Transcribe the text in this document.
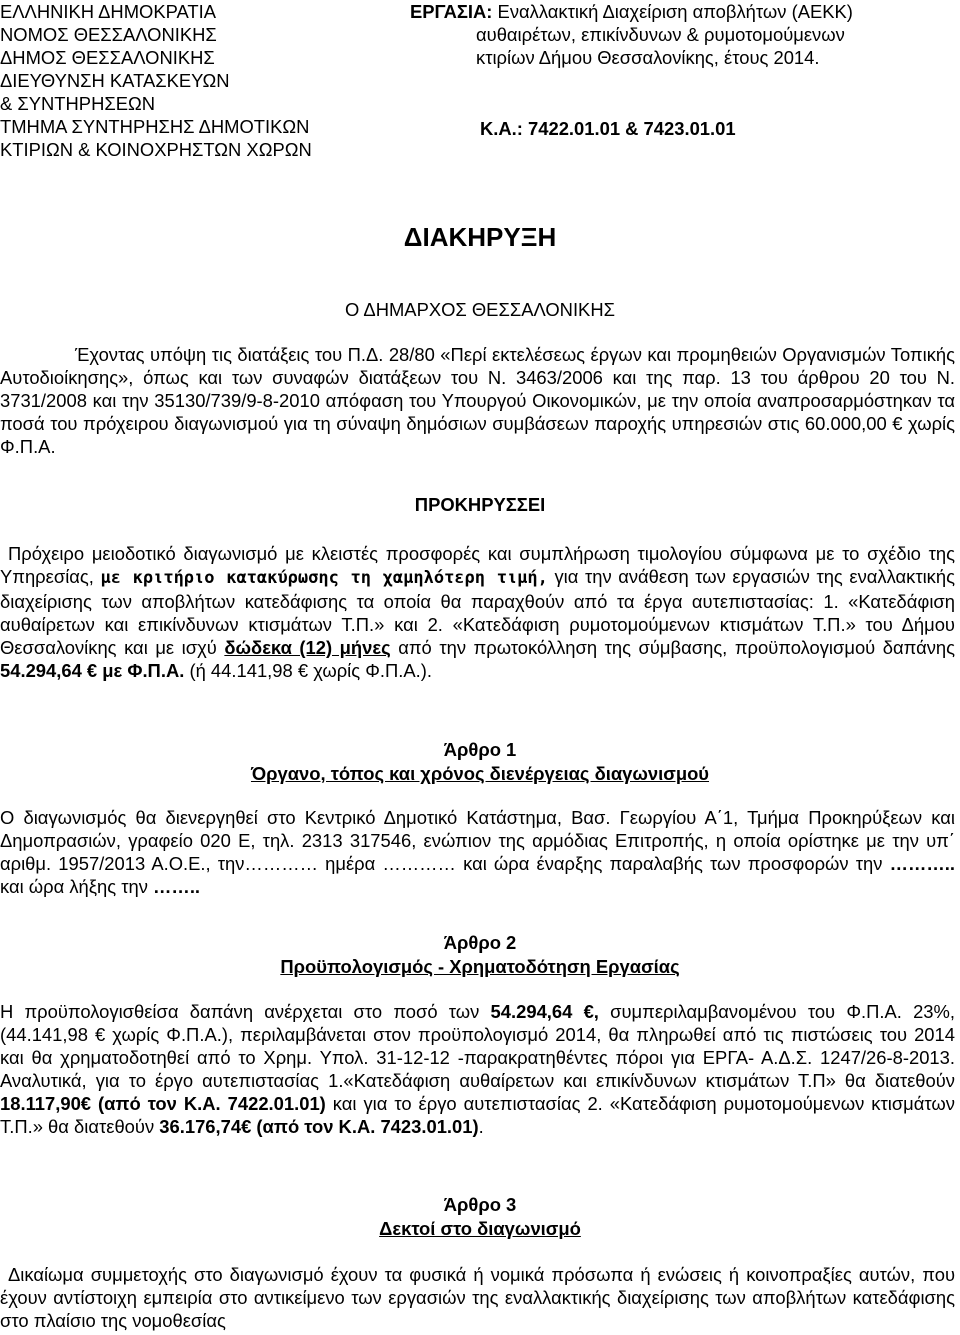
ΕΛΛΗΝΙΚΗ ΔΗΜΟΚΡΑΤΙΑ
ΝΟΜΟΣ ΘΕΣΣΑΛΟΝΙΚΗΣ
ΔΗΜΟΣ ΘΕΣΣΑΛΟΝΙΚΗΣ
ΔΙΕΥΘΥΝΣΗ ΚΑΤΑΣΚΕΥΩΝ
& ΣΥΝΤΗΡΗΣΕΩΝ
ΤΜΗΜΑ ΣΥΝΤΗΡΗΣΗΣ ΔΗΜΟΤΙΚΩΝ
ΚΤΙΡΙΩΝ & ΚΟΙΝΟΧΡΗΣΤΩΝ ΧΩΡΩΝ
ΕΡΓΑΣΙΑ: Εναλλακτική Διαχείριση αποβλήτων (ΑΕΚΚ)
αυθαιρέτων, επικίνδυνων & ρυμοτομούμενων
κτιρίων Δήμου Θεσσαλονίκης, έτους 2014.
Κ.Α.: 7422.01.01 & 7423.01.01
ΔΙΑΚΗΡΥΞΗ
Ο ΔΗΜΑΡΧΟΣ ΘΕΣΣΑΛΟΝΙΚΗΣ
Έχοντας υπόψη τις διατάξεις του Π.Δ. 28/80 «Περί εκτελέσεως έργων και προμηθειών Οργανισμών Τοπικής Αυτοδιοίκησης», όπως και των συναφών διατάξεων του Ν. 3463/2006 και της παρ. 13 του άρθρου 20 του Ν. 3731/2008 και την 35130/739/9-8-2010 απόφαση του Υπουργού Οικονομικών, με την οποία αναπροσαρμόστηκαν τα ποσά του πρόχειρου διαγωνισμού για τη σύναψη δημόσιων συμβάσεων παροχής υπηρεσιών στις 60.000,00 € χωρίς Φ.Π.Α.
ΠΡΟΚΗΡΥΣΣΕΙ
Πρόχειρο μειοδοτικό διαγωνισμό με κλειστές προσφορές και συμπλήρωση τιμολογίου σύμφωνα με το σχέδιο της Υπηρεσίας, με κριτήριο κατακύρωσης τη χαμηλότερη τιμή, για την ανάθεση των εργασιών της εναλλακτικής διαχείρισης των αποβλήτων κατεδάφισης τα οποία θα παραχθούν από τα έργα αυτεπιστασίας: 1. «Κατεδάφιση αυθαίρετων και επικίνδυνων κτισμάτων Τ.Π.» και 2. «Κατεδάφιση ρυμοτομούμενων κτισμάτων Τ.Π.» του Δήμου Θεσσαλονίκης και με ισχύ δώδεκα (12) μήνες από την πρωτοκόλληση της σύμβασης, προϋπολογισμού δαπάνης 54.294,64 € με Φ.Π.Α. (ή 44.141,98 € χωρίς Φ.Π.Α.).
Άρθρο 1
Όργανο, τόπος και χρόνος διενέργειας διαγωνισμού
Ο διαγωνισμός θα διενεργηθεί στο Κεντρικό Δημοτικό Κατάστημα, Βασ. Γεωργίου Α΄1, Τμήμα Προκηρύξεων και Δημοπρασιών, γραφείο 020 Ε, τηλ. 2313 317546, ενώπιον της αρμόδιας Επιτροπής, η οποία ορίστηκε με την υπ΄ αριθμ. 1957/2013 Α.Ο.Ε., την………… ημέρα ………… και ώρα έναρξης παραλαβής των προσφορών την ……….. και ώρα λήξης την ……..
Άρθρο 2
Προϋπολογισμός - Χρηματοδότηση Εργασίας
Η προϋπολογισθείσα δαπάνη ανέρχεται στο ποσό των 54.294,64 €, συμπεριλαμβανομένου του Φ.Π.Α. 23%, (44.141,98 € χωρίς Φ.Π.Α.), περιλαμβάνεται στον προϋπολογισμό 2014, θα πληρωθεί από τις πιστώσεις του 2014 και θα χρηματοδοτηθεί από το Χρημ. Υπολ. 31-12-12 -παρακρατηθέντες πόροι για ΕΡΓΑ- Α.Δ.Σ. 1247/26-8-2013. Αναλυτικά, για το έργο αυτεπιστασίας 1.«Κατεδάφιση αυθαίρετων και επικίνδυνων κτισμάτων Τ.Π» θα διατεθούν 18.117,90€ (από τον Κ.Α. 7422.01.01) και για το έργο αυτεπιστασίας 2. «Κατεδάφιση ρυμοτομούμενων κτισμάτων Τ.Π.» θα διατεθούν 36.176,74€ (από τον Κ.Α. 7423.01.01).
Άρθρο 3
Δεκτοί στο διαγωνισμό
Δικαίωμα συμμετοχής στο διαγωνισμό έχουν τα φυσικά ή νομικά πρόσωπα ή ενώσεις ή κοινοπραξίες αυτών, που έχουν αντίστοιχη εμπειρία στο αντικείμενο των εργασιών της εναλλακτικής διαχείρισης των αποβλήτων κατεδάφισης στο πλαίσιο της νομοθεσίας
